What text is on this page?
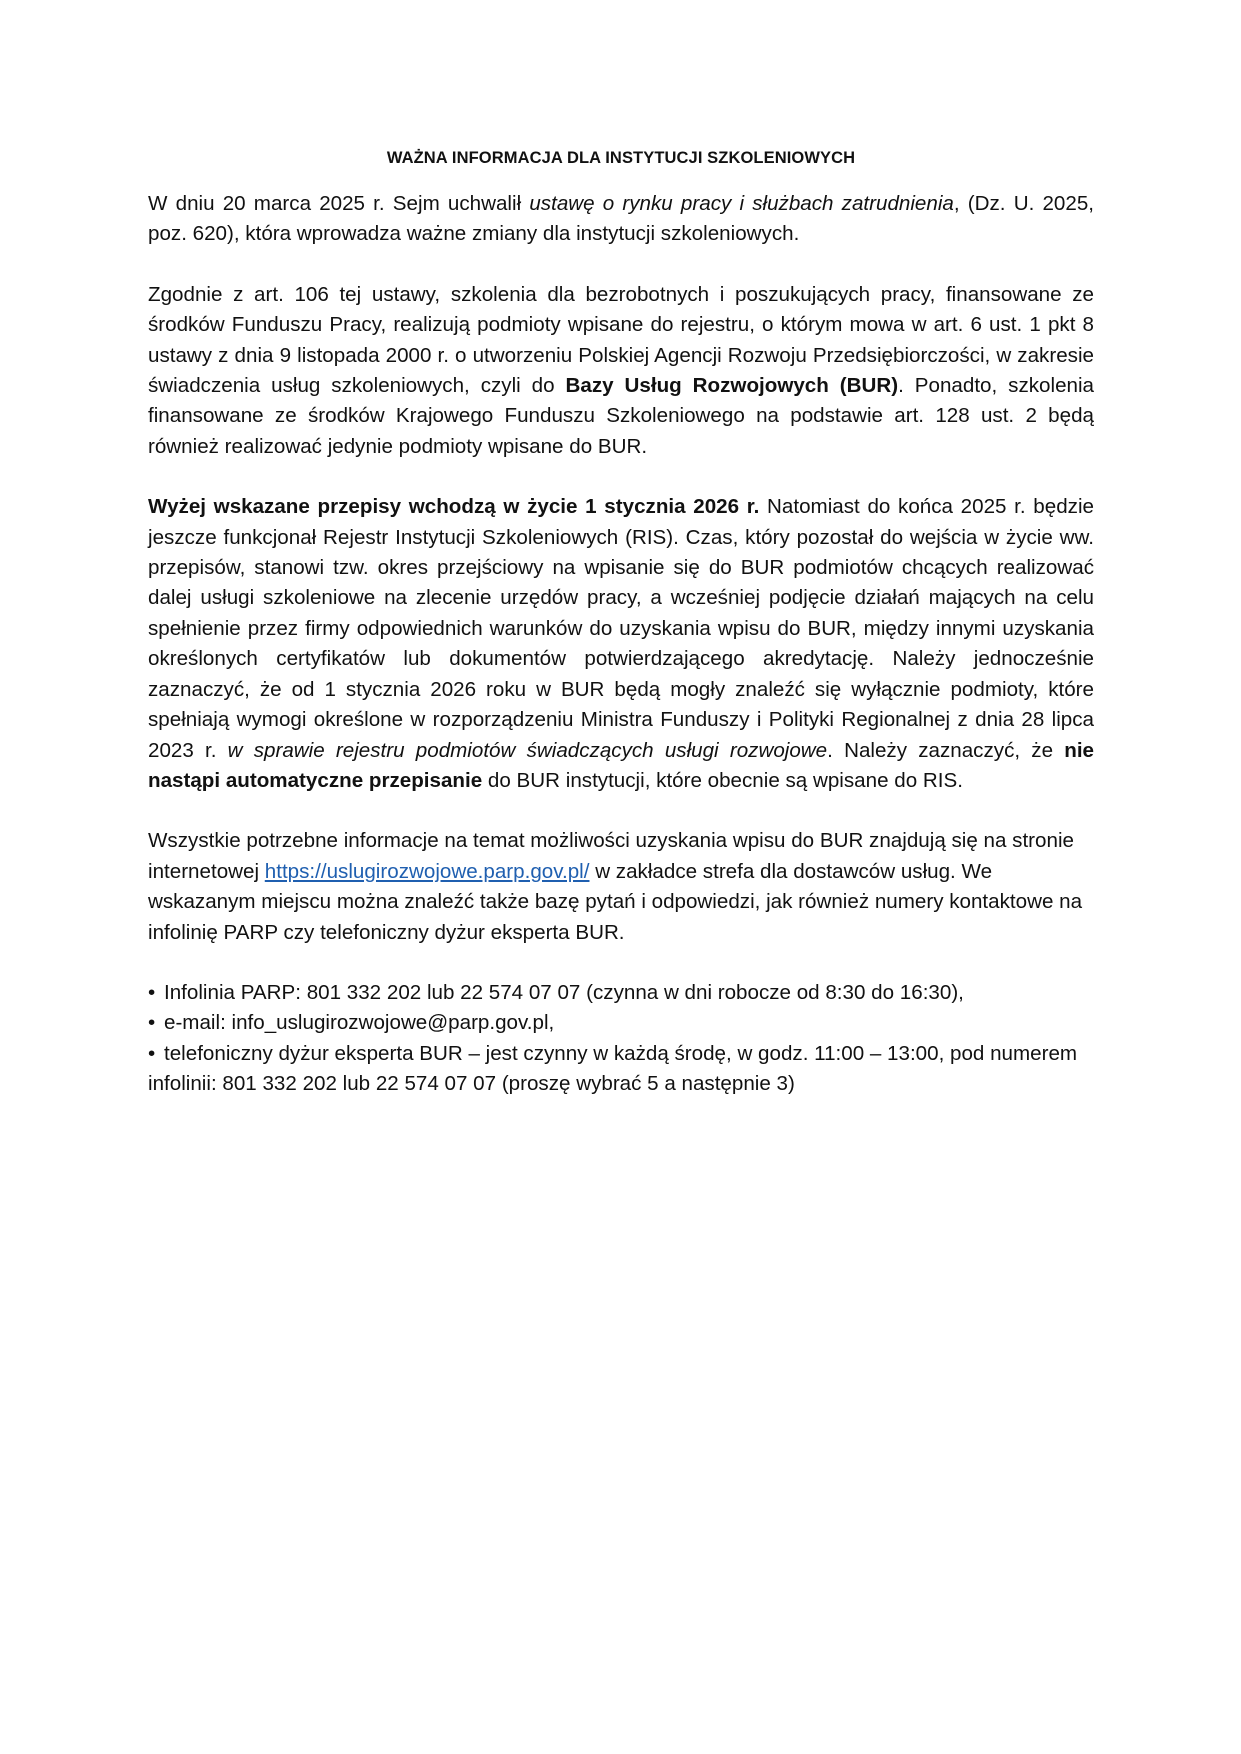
WAŻNA INFORMACJA DLA INSTYTUCJI SZKOLENIOWYCH

W dniu 20 marca 2025 r. Sejm uchwalił ustawę o rynku pracy i służbach zatrudnienia, (Dz. U. 2025, poz. 620), która wprowadza ważne zmiany dla instytucji szkoleniowych.

Zgodnie z art. 106 tej ustawy, szkolenia dla bezrobotnych i poszukujących pracy, finansowane ze środków Funduszu Pracy, realizują podmioty wpisane do rejestru, o którym mowa w art. 6 ust. 1 pkt 8 ustawy z dnia 9 listopada 2000 r. o utworzeniu Polskiej Agencji Rozwoju Przedsiębiorczości, w zakresie świadczenia usług szkoleniowych, czyli do Bazy Usług Rozwojowych (BUR). Ponadto, szkolenia finansowane ze środków Krajowego Funduszu Szkoleniowego na podstawie art. 128 ust. 2 będą również realizować jedynie podmioty wpisane do BUR.

Wyżej wskazane przepisy wchodzą w życie 1 stycznia 2026 r. Natomiast do końca 2025 r. będzie jeszcze funkcjonał Rejestr Instytucji Szkoleniowych (RIS). Czas, który pozostał do wejścia w życie ww. przepisów, stanowi tzw. okres przejściowy na wpisanie się do BUR podmiotów chcących realizować dalej usługi szkoleniowe na zlecenie urzędów pracy, a wcześniej podjęcie działań mających na celu spełnienie przez firmy odpowiednich warunków do uzyskania wpisu do BUR, między innymi uzyskania określonych certyfikatów lub dokumentów potwierdzającego akredytację. Należy jednocześnie zaznaczyć, że od 1 stycznia 2026 roku w BUR będą mogły znaleźć się wyłącznie podmioty, które spełniają wymogi określone w rozporządzeniu Ministra Funduszy i Polityki Regionalnej z dnia 28 lipca 2023 r. w sprawie rejestru podmiotów świadczących usługi rozwojowe. Należy zaznaczyć, że nie nastąpi automatyczne przepisanie do BUR instytucji, które obecnie są wpisane do RIS.

Wszystkie potrzebne informacje na temat możliwości uzyskania wpisu do BUR znajdują się na stronie internetowej https://uslugirozwojowe.parp.gov.pl/ w zakładce strefa dla dostawców usług. We wskazanym miejscu można znaleźć także bazę pytań i odpowiedzi, jak również numery kontaktowe na infolinię PARP czy telefoniczny dyżur eksperta BUR.

• Infolinia PARP: 801 332 202 lub 22 574 07 07 (czynna w dni robocze od 8:30 do 16:30),
• e-mail: info_uslugirozwojowe@parp.gov.pl,
• telefoniczny dyżur eksperta BUR – jest czynny w każdą środę, w godz. 11:00 – 13:00, pod numerem infolinii: 801 332 202 lub 22 574 07 07 (proszę wybrać 5 a następnie 3)
